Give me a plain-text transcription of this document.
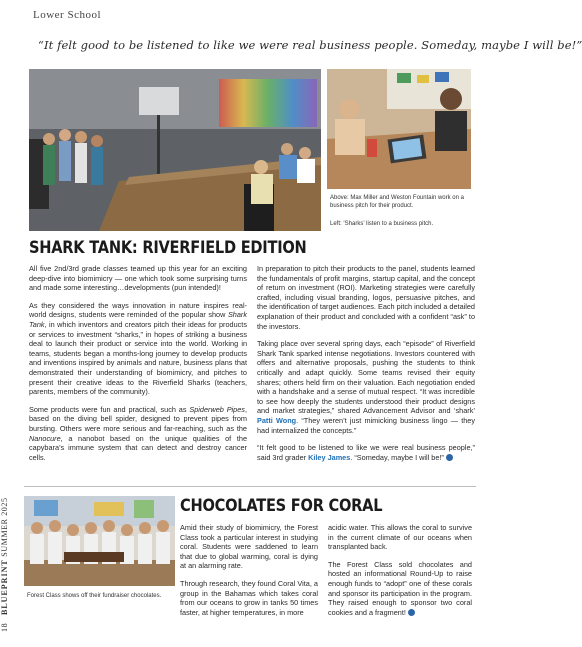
Lower School
“It felt good to be listened to like we were real business people. Someday, maybe I will be!”
Above: Max Miller and Weston Fountain work on a business pitch for their product.
Left: ‘Sharks’ listen to a business pitch.
SHARK TANK: RIVERFIELD EDITION

All five 2nd/3rd grade classes teamed up this year for an exciting deep-dive into biomimicry — one which took some surprising turns and made some interesting…developments (pun intended)!

As they considered the ways innovation in nature inspires real-world designs, students were reminded of the popular show Shark Tank, in which inventors and creators pitch their ideas for products or services to investment “sharks,” in hopes of striking a business deal to launch their product or service into the world. Working in teams, students began a months-long journey to develop products and inventions inspired by animals and nature, business plans that demonstrated their understanding of biomimicry, and pitches to present their creative ideas to the Riverfield Sharks (teachers, parents, members of the community).

Some products were fun and practical, such as Spiderweb Pipes, based on the diving bell spider, designed to prevent pipes from bursting. Others were more serious and far-reaching, such as the Nanocure, a nanobot based on the unique qualities of the capybara’s immune system that can detect and destroy cancer cells.

In preparation to pitch their products to the panel, students learned the fundamentals of profit margins, startup capital, and the concept of return on investment (ROI). Marketing strategies were carefully crafted, including visual branding, logos, persuasive pitches, and the identification of target audiences. Each pitch included a detailed explanation of their product and concluded with a confident “ask” to the investors.

Taking place over several spring days, each “episode” of Riverfield Shark Tank sparked intense negotiations. Investors countered with offers and alternative proposals, pushing the students to think critically and adapt quickly. Some teams revised their equity shares; others held firm on their valuation. Each negotiation ended with a handshake and a sense of mutual respect. “It was incredible to see how deeply the students understood their product designs and market strategies,” shared Advancement Advisor and ‘shark’ Patti Wong. “They weren’t just mimicking business lingo — they had internalized the concepts.”

“It felt good to be listened to like we were real business people,” said 3rd grader Kiley James. “Someday, maybe I will be!”

Forest Class shows off their fundraiser chocolates.
CHOCOLATES FOR CORAL

Amid their study of biomimicry, the Forest Class took a particular interest in studying coral. Students were saddened to learn that due to global warming, coral is dying at an alarming rate.

Through research, they found Coral Vita, a group in the Bahamas which takes coral from our oceans to grow in tanks 50 times faster, at higher temperatures, in more

acidic water. This allows the coral to survive in the current climate of our oceans when transplanted back.

The Forest Class sold chocolates and hosted an informational Round-Up to raise enough funds to “adopt” one of these corals and sponsor its participation in the program. They raised enough to sponsor two coral cookies and a fragment!

18   BLUEPRINT SUMMER 2025
